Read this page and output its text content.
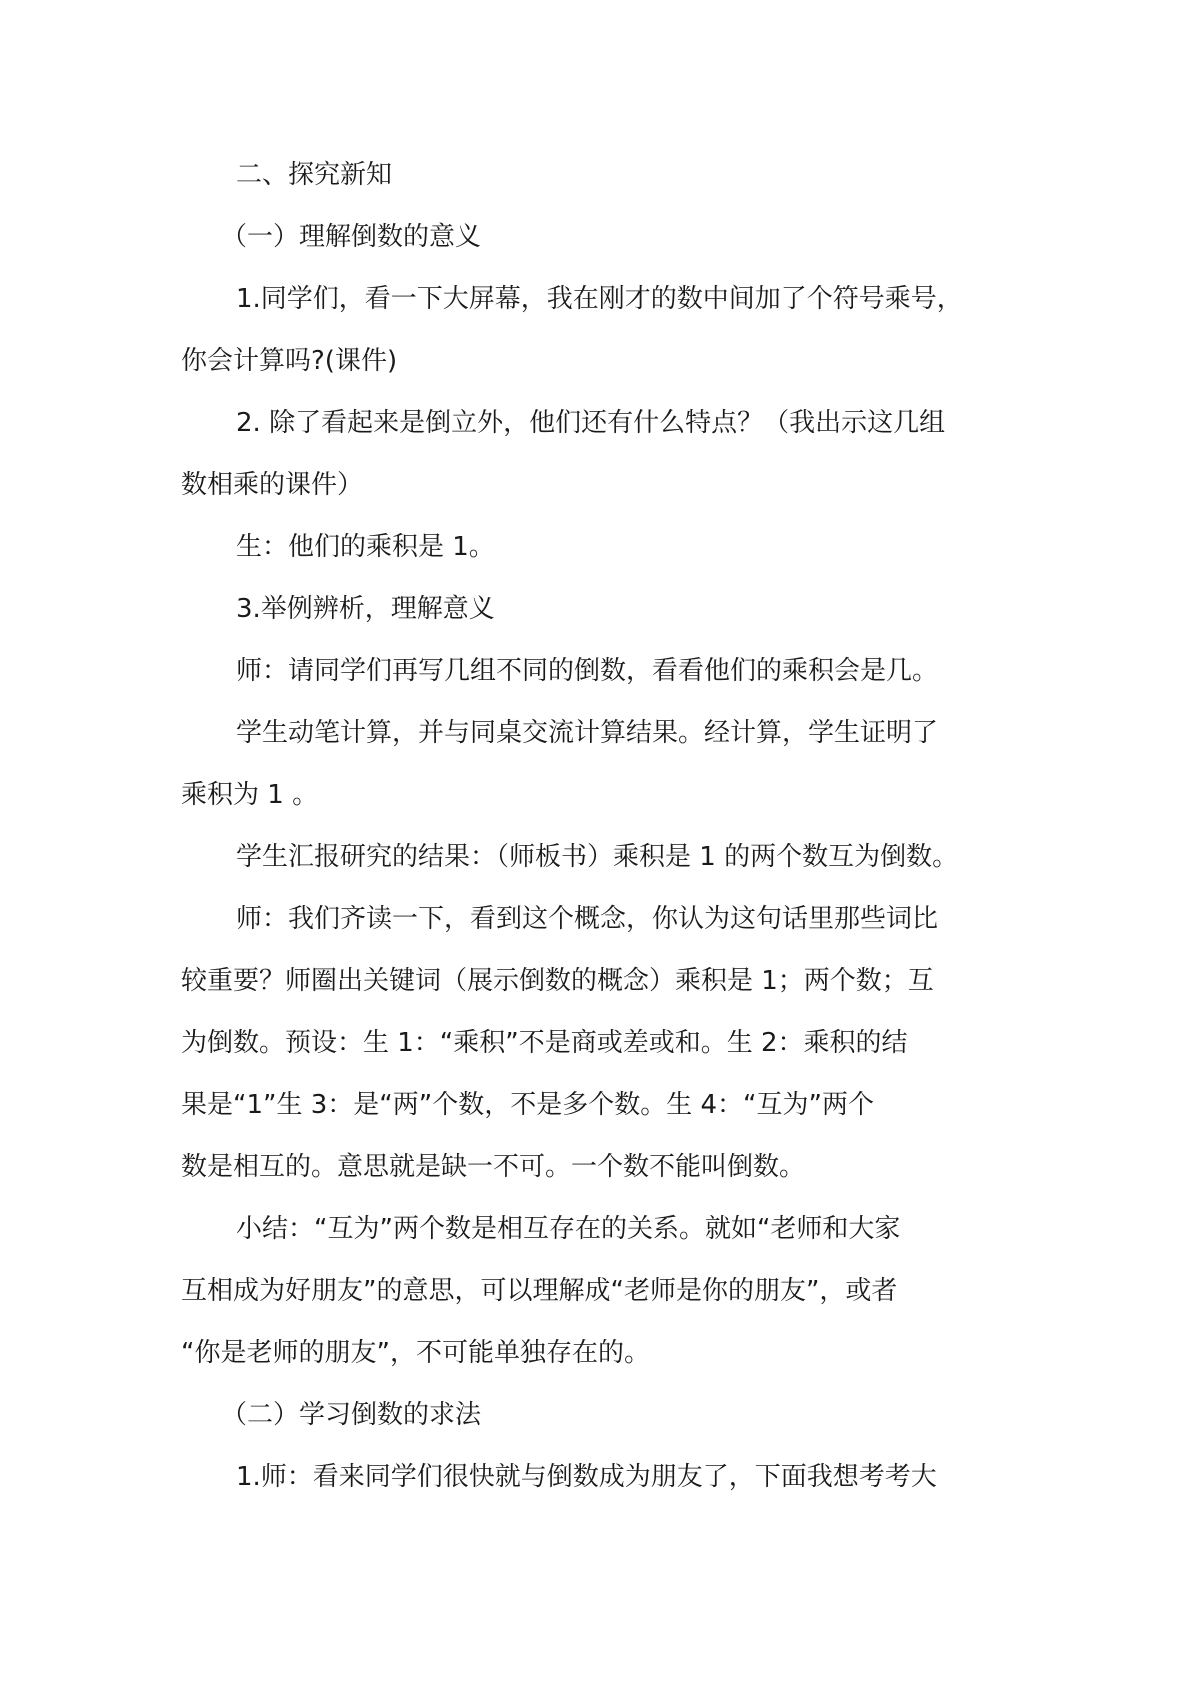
二、探究新知
（一）理解倒数的意义
1.同学们，看一下大屏幕，我在刚才的数中间加了个符号乘号，
你会计算吗?(课件)
2. 除了看起来是倒立外，他们还有什么特点？（我出示这几组
数相乘的课件）
生：他们的乘积是 1。
3.举例辨析，理解意义
师：请同学们再写几组不同的倒数，看看他们的乘积会是几。
学生动笔计算，并与同桌交流计算结果。经计算，学生证明了
乘积为 1 。
学生汇报研究的结果：（师板书）乘积是 1 的两个数互为倒数。
师：我们齐读一下，看到这个概念，你认为这句话里那些词比
较重要？师圈出关键词（展示倒数的概念）乘积是 1；两个数；互
为倒数。预设：生 1：“乘积”不是商或差或和。生 2：乘积的结
果是“1”生 3：是“两”个数，不是多个数。生 4：“互为”两个
数是相互的。意思就是缺一不可。一个数不能叫倒数。
小结：“互为”两个数是相互存在的关系。就如“老师和大家
互相成为好朋友”的意思，可以理解成“老师是你的朋友”，或者
“你是老师的朋友”，不可能单独存在的。
（二）学习倒数的求法
1.师：看来同学们很快就与倒数成为朋友了，下面我想考考大
